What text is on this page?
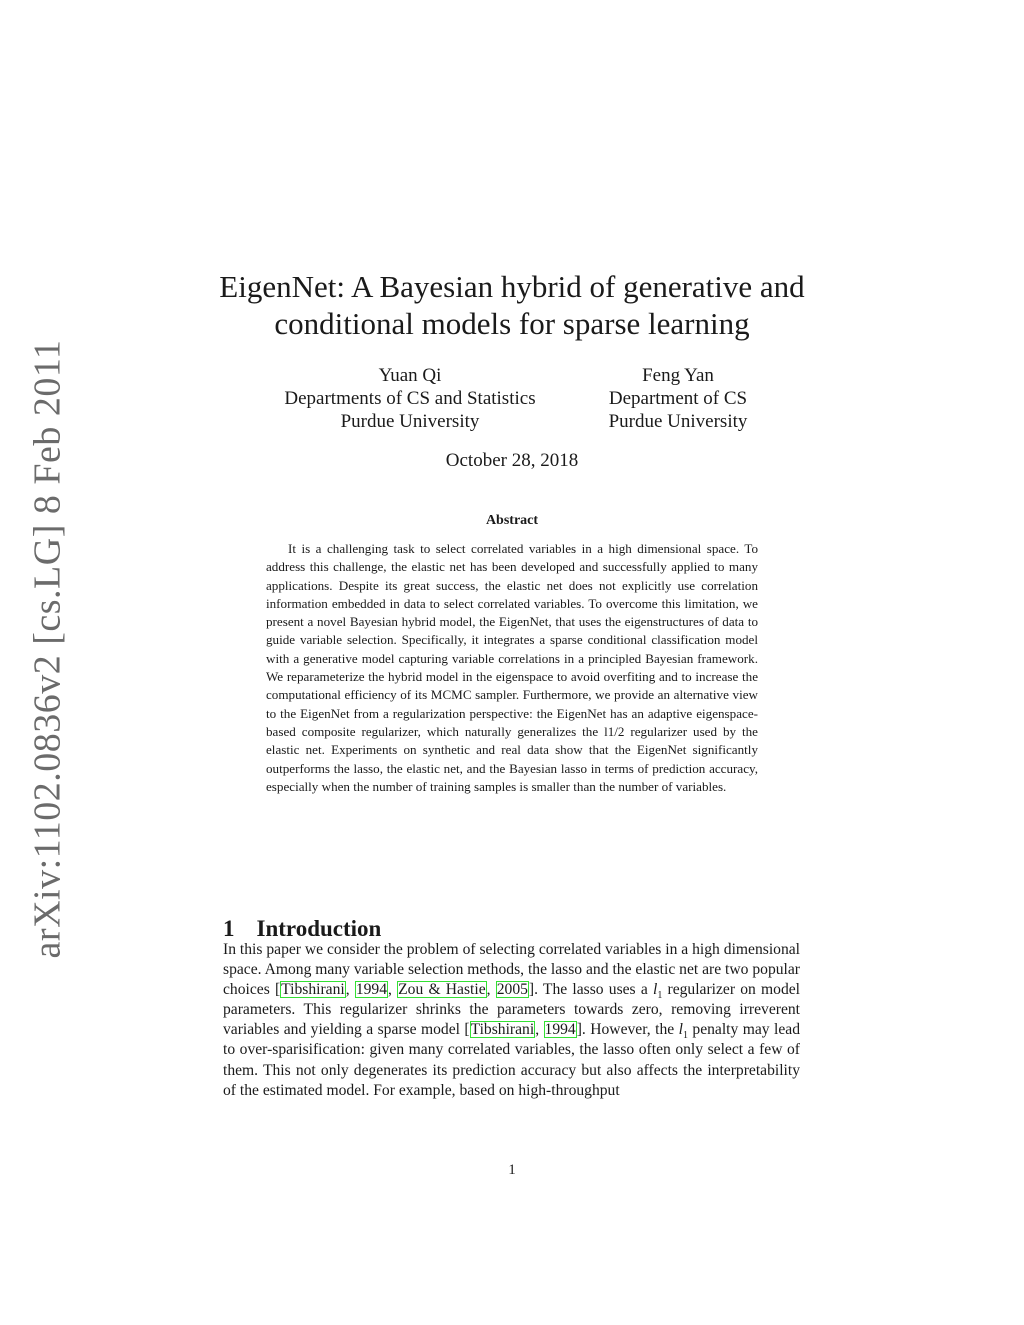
arXiv:1102.0836v2 [cs.LG] 8 Feb 2011
EigenNet: A Bayesian hybrid of generative and
conditional models for sparse learning
Yuan Qi
Departments of CS and Statistics
Purdue University
Feng Yan
Department of CS
Purdue University
October 28, 2018
Abstract

It is a challenging task to select correlated variables in a high dimensional space. To address this challenge, the elastic net has been developed and successfully applied to many applications. Despite its great success, the elastic net does not explicitly use correlation information embedded in data to select correlated variables. To overcome this limitation, we present a novel Bayesian hybrid model, the EigenNet, that uses the eigenstructures of data to guide variable selection. Specifically, it integrates a sparse conditional classification model with a generative model capturing variable correlations in a principled Bayesian framework. We reparameterize the hybrid model in the eigenspace to avoid overfiting and to increase the computational efficiency of its MCMC sampler. Furthermore, we provide an alternative view to the EigenNet from a regularization perspective: the EigenNet has an adaptive eigenspace-based composite regularizer, which naturally generalizes the l1/2 regularizer used by the elastic net. Experiments on synthetic and real data show that the EigenNet significantly outperforms the lasso, the elastic net, and the Bayesian lasso in terms of prediction accuracy, especially when the number of training samples is smaller than the number of variables.

1 Introduction

In this paper we consider the problem of selecting correlated variables in a high dimensional space. Among many variable selection methods, the lasso and the elastic net are two popular choices [Tibshirani, 1994, Zou & Hastie, 2005]. The lasso uses a $l_1$ regularizer on model parameters. This regularizer shrinks the parameters towards zero, removing irreverent variables and yielding a sparse model [Tibshirani, 1994]. However, the $l_1$ penalty may lead to over-sparisification: given many correlated variables, the lasso often only select a few of them. This not only degenerates its prediction accuracy but also affects the interpretability of the estimated model. For example, based on high-throughput

1
